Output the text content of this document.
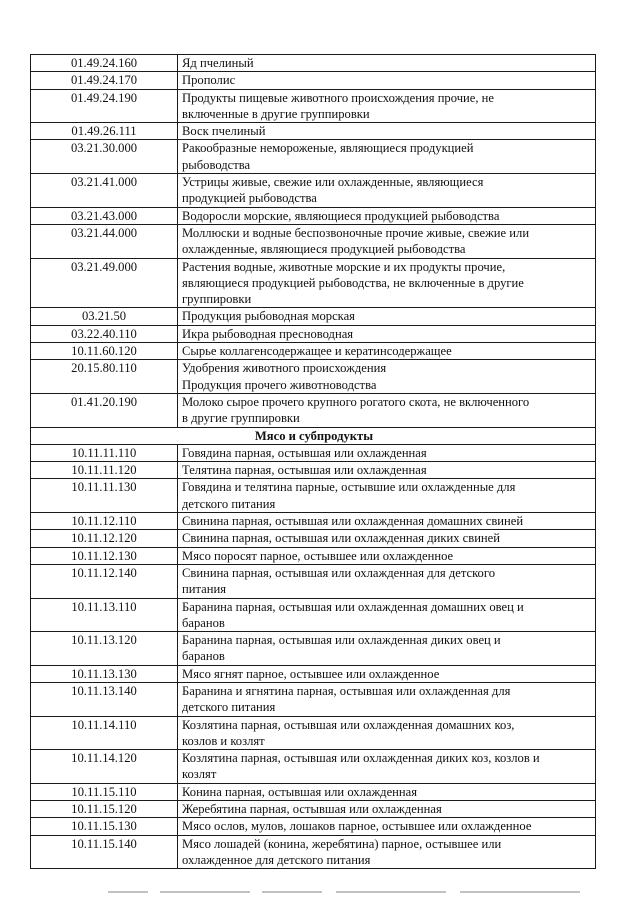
01.49.24.160	Яд пчелиный

01.49.24.170	Прополис

01.49.24.190	Продукты пищевые животного происхождения прочие, не
включенные в другие группировки

01.49.26.111	Воск пчелиный

03.21.30.000	Ракообразные немороженые, являющиеся продукцией
рыбоводства

03.21.41.000	Устрицы живые, свежие или охлажденные, являющиеся
продукцией рыбоводства

03.21.43.000	Водоросли морские, являющиеся продукцией рыбоводства

03.21.44.000	Моллюски и водные беспозвоночные прочие живые, свежие или
охлажденные, являющиеся продукцией рыбоводства

03.21.49.000	Растения водные, животные морские и их продукты прочие,
являющиеся продукцией рыбоводства, не включенные в другие
группировки

03.21.50	Продукция рыбоводная морская

03.22.40.110	Икра рыбоводная пресноводная

10.11.60.120	Сырье коллагенсодержащее и кератинсодержащее

20.15.80.110	Удобрения животного происхождения
Продукция прочего животноводства

01.41.20.190	Молоко сырое прочего крупного рогатого скота, не включенного
в другие группировки

Мясо и субпродукты	
10.11.11.110	Говядина парная, остывшая или охлажденная

10.11.11.120	Телятина парная, остывшая или охлажденная

10.11.11.130	Говядина и телятина парные, остывшие или охлажденные для
детского питания

10.11.12.110	Свинина парная, остывшая или охлажденная домашних свиней

10.11.12.120	Свинина парная, остывшая или охлажденная диких свиней

10.11.12.130	Мясо поросят парное, остывшее или охлажденное

10.11.12.140	Свинина парная, остывшая или охлажденная для детского
питания

10.11.13.110	Баранина парная, остывшая или охлажденная домашних овец и
баранов

10.11.13.120	Баранина парная, остывшая или охлажденная диких овец и
баранов

10.11.13.130	Мясо ягнят парное, остывшее или охлажденное

10.11.13.140	Баранина и ягнятина парная, остывшая или охлажденная для
детского питания

10.11.14.110	Козлятина парная, остывшая или охлажденная домашних коз,
козлов и козлят

10.11.14.120	Козлятина парная, остывшая или охлажденная диких коз, козлов и
козлят

10.11.15.110	Конина парная, остывшая или охлажденная

10.11.15.120	Жеребятина парная, остывшая или охлажденная

10.11.15.130	Мясо ослов, мулов, лошаков парное, остывшее или охлажденное

10.11.15.140	Мясо лошадей (конина, жеребятина) парное, остывшее или
охлажденное для детского питания
